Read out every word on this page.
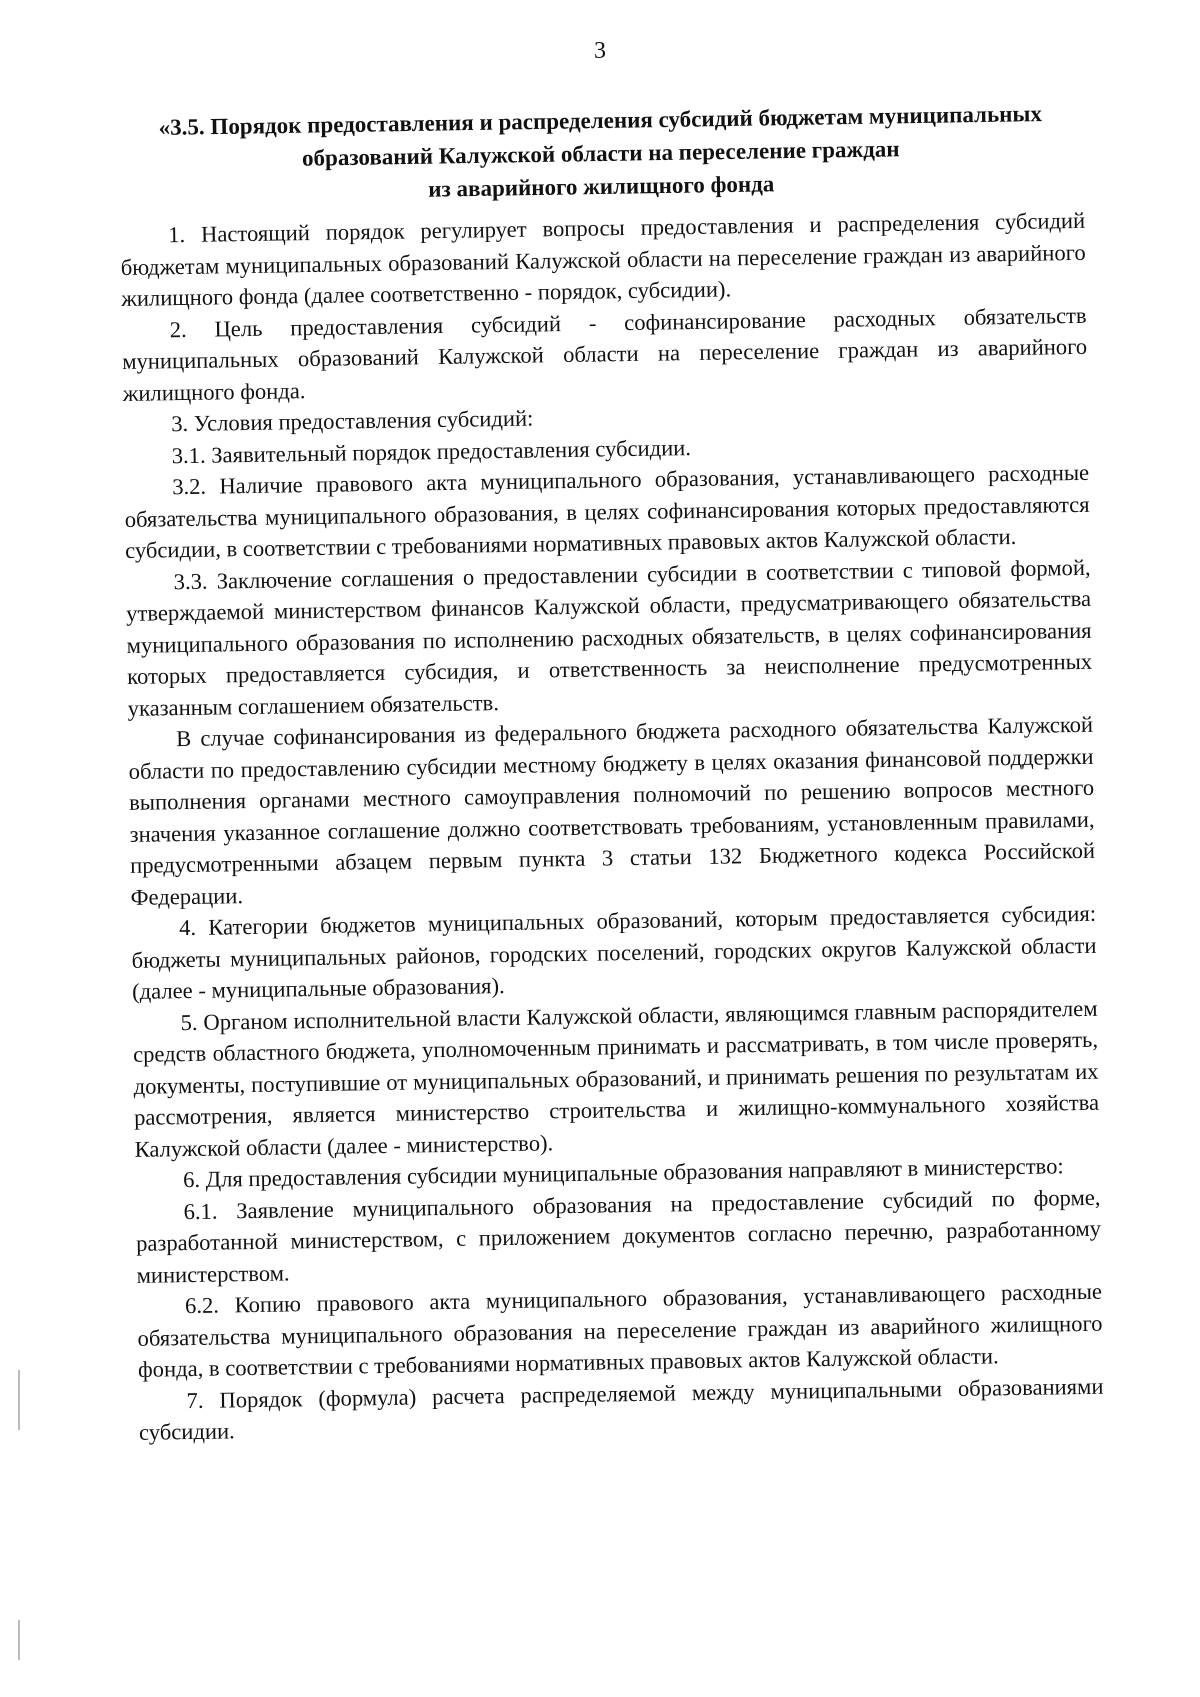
3
«3.5. Порядок предоставления и распределения субсидий бюджетам муниципальных
образований Калужской области на переселение граждан
из аварийного жилищного фонда

1. Настоящий порядок регулирует вопросы предоставления и распределения субсидий бюджетам муниципальных образований Калужской области на переселение граждан из аварийного жилищного фонда (далее соответственно - порядок, субсидии).

2. Цель предоставления субсидий - софинансирование расходных обязательств муниципальных образований Калужской области на переселение граждан из аварийного жилищного фонда.

3. Условия предоставления субсидий:

3.1. Заявительный порядок предоставления субсидии.

3.2. Наличие правового акта муниципального образования, устанавливающего расходные обязательства муниципального образования, в целях софинансирования которых предоставляются субсидии, в соответствии с требованиями нормативных правовых актов Калужской области.

3.3. Заключение соглашения о предоставлении субсидии в соответствии с типовой формой, утверждаемой министерством финансов Калужской области, предусматривающего обязательства муниципального образования по исполнению расходных обязательств, в целях софинансирования которых предоставляется субсидия, и ответственность за неисполнение предусмотренных указанным соглашением обязательств.

В случае софинансирования из федерального бюджета расходного обязательства Калужской области по предоставлению субсидии местному бюджету в целях оказания финансовой поддержки выполнения органами местного самоуправления полномочий по решению вопросов местного значения указанное соглашение должно соответствовать требованиям, установленным правилами, предусмотренными абзацем первым пункта 3 статьи 132 Бюджетного кодекса Российской Федерации.

4. Категории бюджетов муниципальных образований, которым предоставляется субсидия: бюджеты муниципальных районов, городских поселений, городских округов Калужской области (далее - муниципальные образования).

5. Органом исполнительной власти Калужской области, являющимся главным распорядителем средств областного бюджета, уполномоченным принимать и рассматривать, в том числе проверять, документы, поступившие от муниципальных образований, и принимать решения по результатам их рассмотрения, является министерство строительства и жилищно-коммунального хозяйства Калужской области (далее - министерство).

6. Для предоставления субсидии муниципальные образования направляют в министерство:

6.1. Заявление муниципального образования на предоставление субсидий по форме, разработанной министерством, с приложением документов согласно перечню, разработанному министерством.

6.2. Копию правового акта муниципального образования, устанавливающего расходные обязательства муниципального образования на переселение граждан из аварийного жилищного фонда, в соответствии с требованиями нормативных правовых актов Калужской области.

7. Порядок (формула) расчета распределяемой между муниципальными образованиями субсидии.
